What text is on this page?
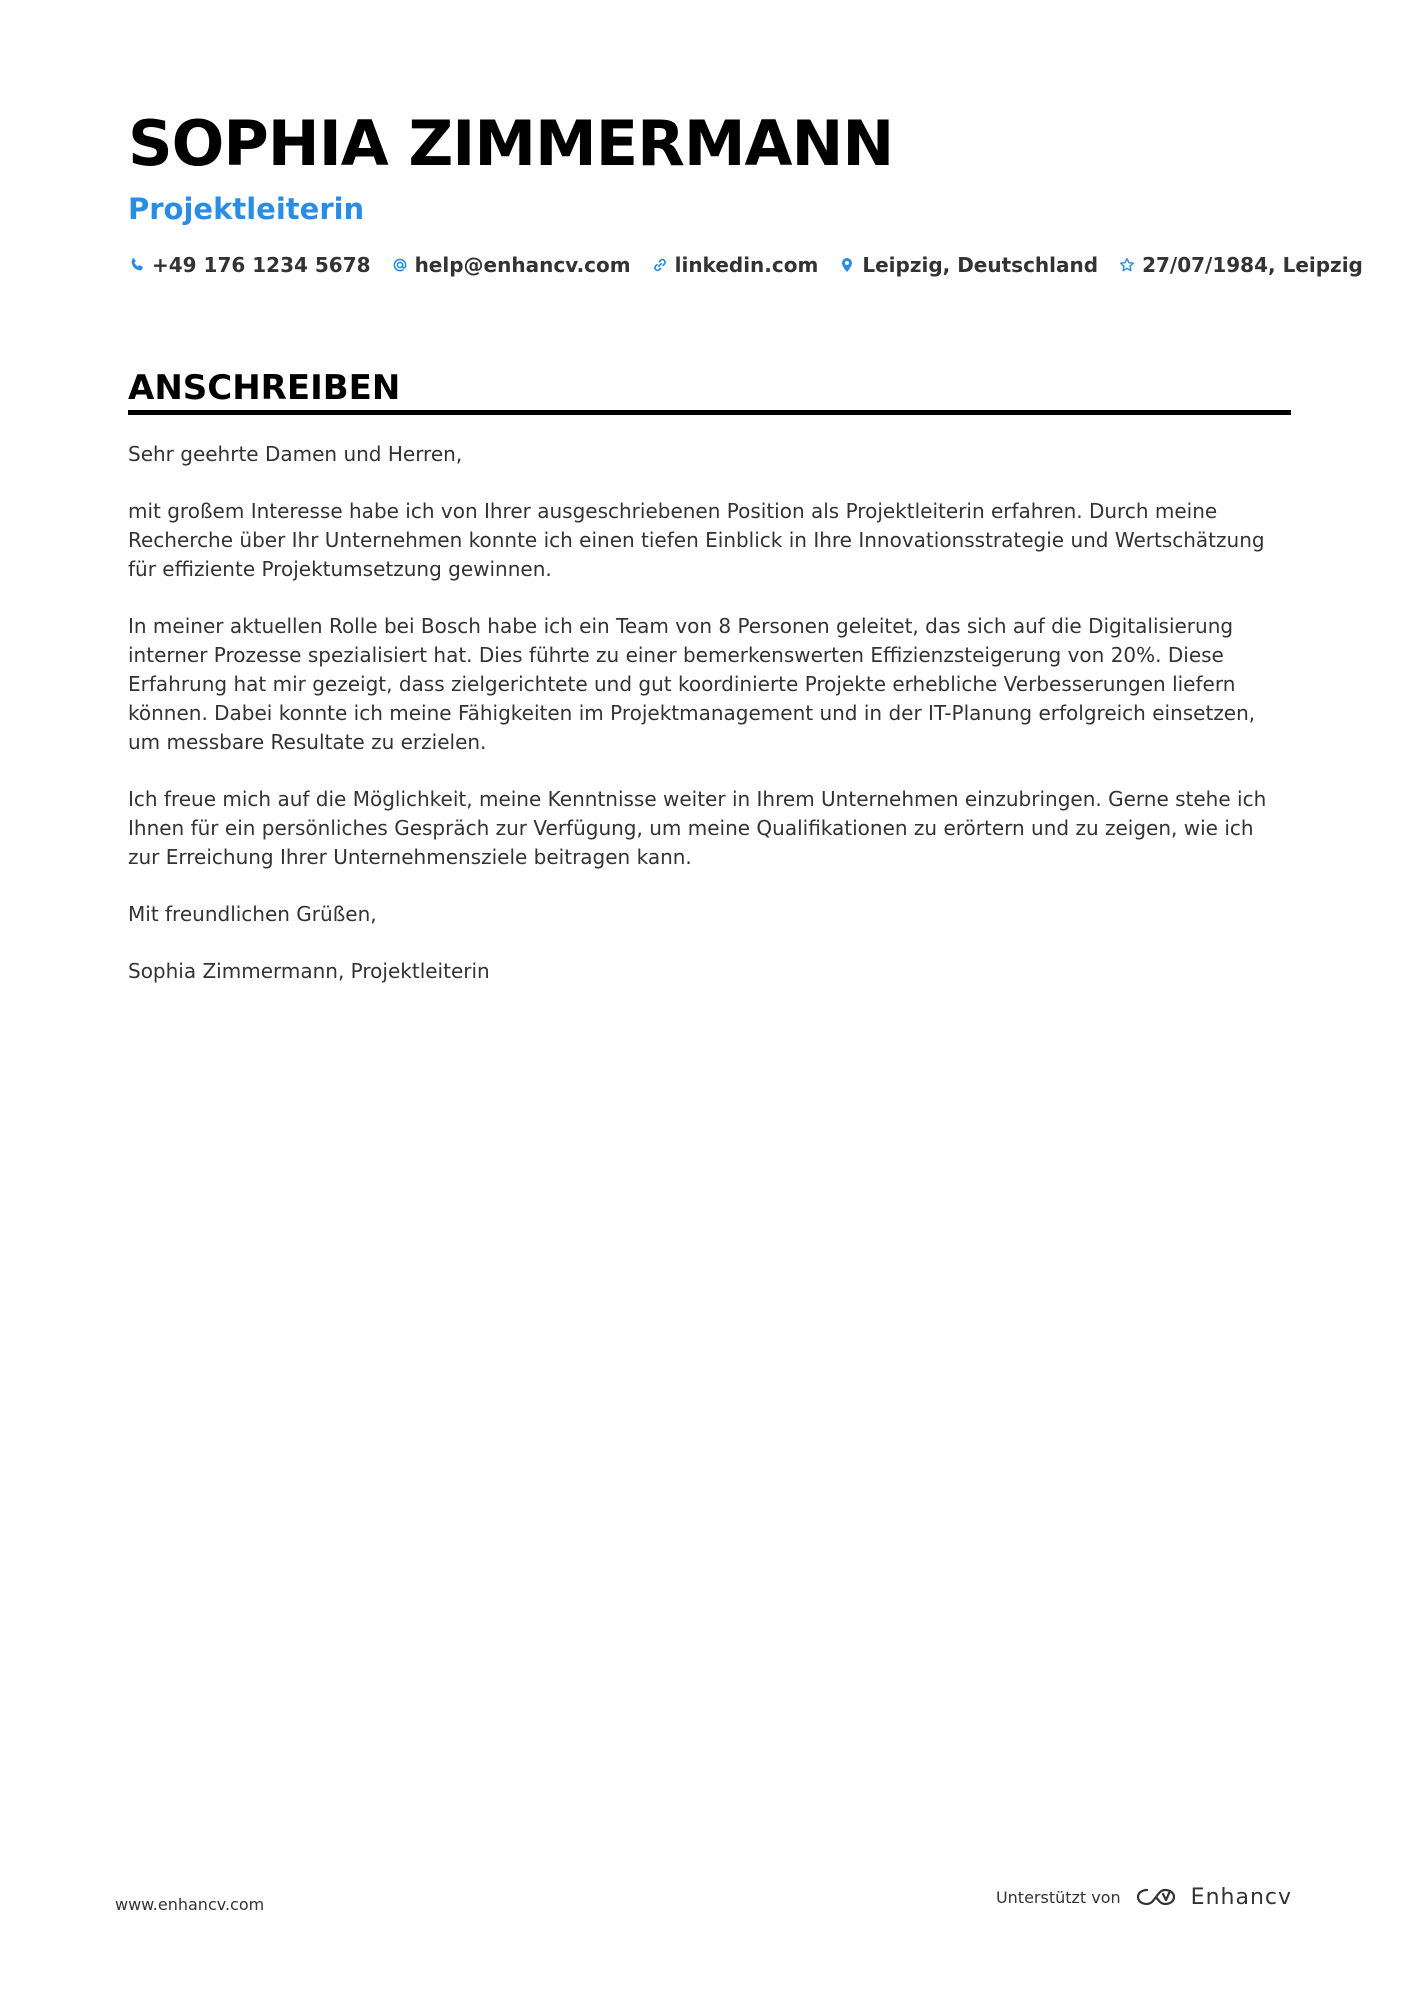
SOPHIA ZIMMERMANN
Projektleiterin
+49 176 1234 5678 help@enhancv.com linkedin.com Leipzig, Deutschland 27/07/1984, Leipzig
ANSCHREIBEN

Sehr geehrte Damen und Herren,

mit großem Interesse habe ich von Ihrer ausgeschriebenen Position als Projektleiterin erfahren. Durch meine Recherche über Ihr Unternehmen konnte ich einen tiefen Einblick in Ihre Innovationsstrategie und Wertschätzung für effiziente Projektumsetzung gewinnen.

In meiner aktuellen Rolle bei Bosch habe ich ein Team von 8 Personen geleitet, das sich auf die Digitalisierung interner Prozesse spezialisiert hat. Dies führte zu einer bemerkenswerten Effizienzsteigerung von 20%. Diese Erfahrung hat mir gezeigt, dass zielgerichtete und gut koordinierte Projekte erhebliche Verbesserungen liefern können. Dabei konnte ich meine Fähigkeiten im Projektmanagement und in der IT-Planung erfolgreich einsetzen, um messbare Resultate zu erzielen.

Ich freue mich auf die Möglichkeit, meine Kenntnisse weiter in Ihrem Unternehmen einzubringen. Gerne stehe ich Ihnen für ein persönliches Gespräch zur Verfügung, um meine Qualifikationen zu erörtern und zu zeigen, wie ich zur Erreichung Ihrer Unternehmensziele beitragen kann.

Mit freundlichen Grüßen,

Sophia Zimmermann, Projektleiterin

www.enhancv.com	Unterstützt von	Enhancv
